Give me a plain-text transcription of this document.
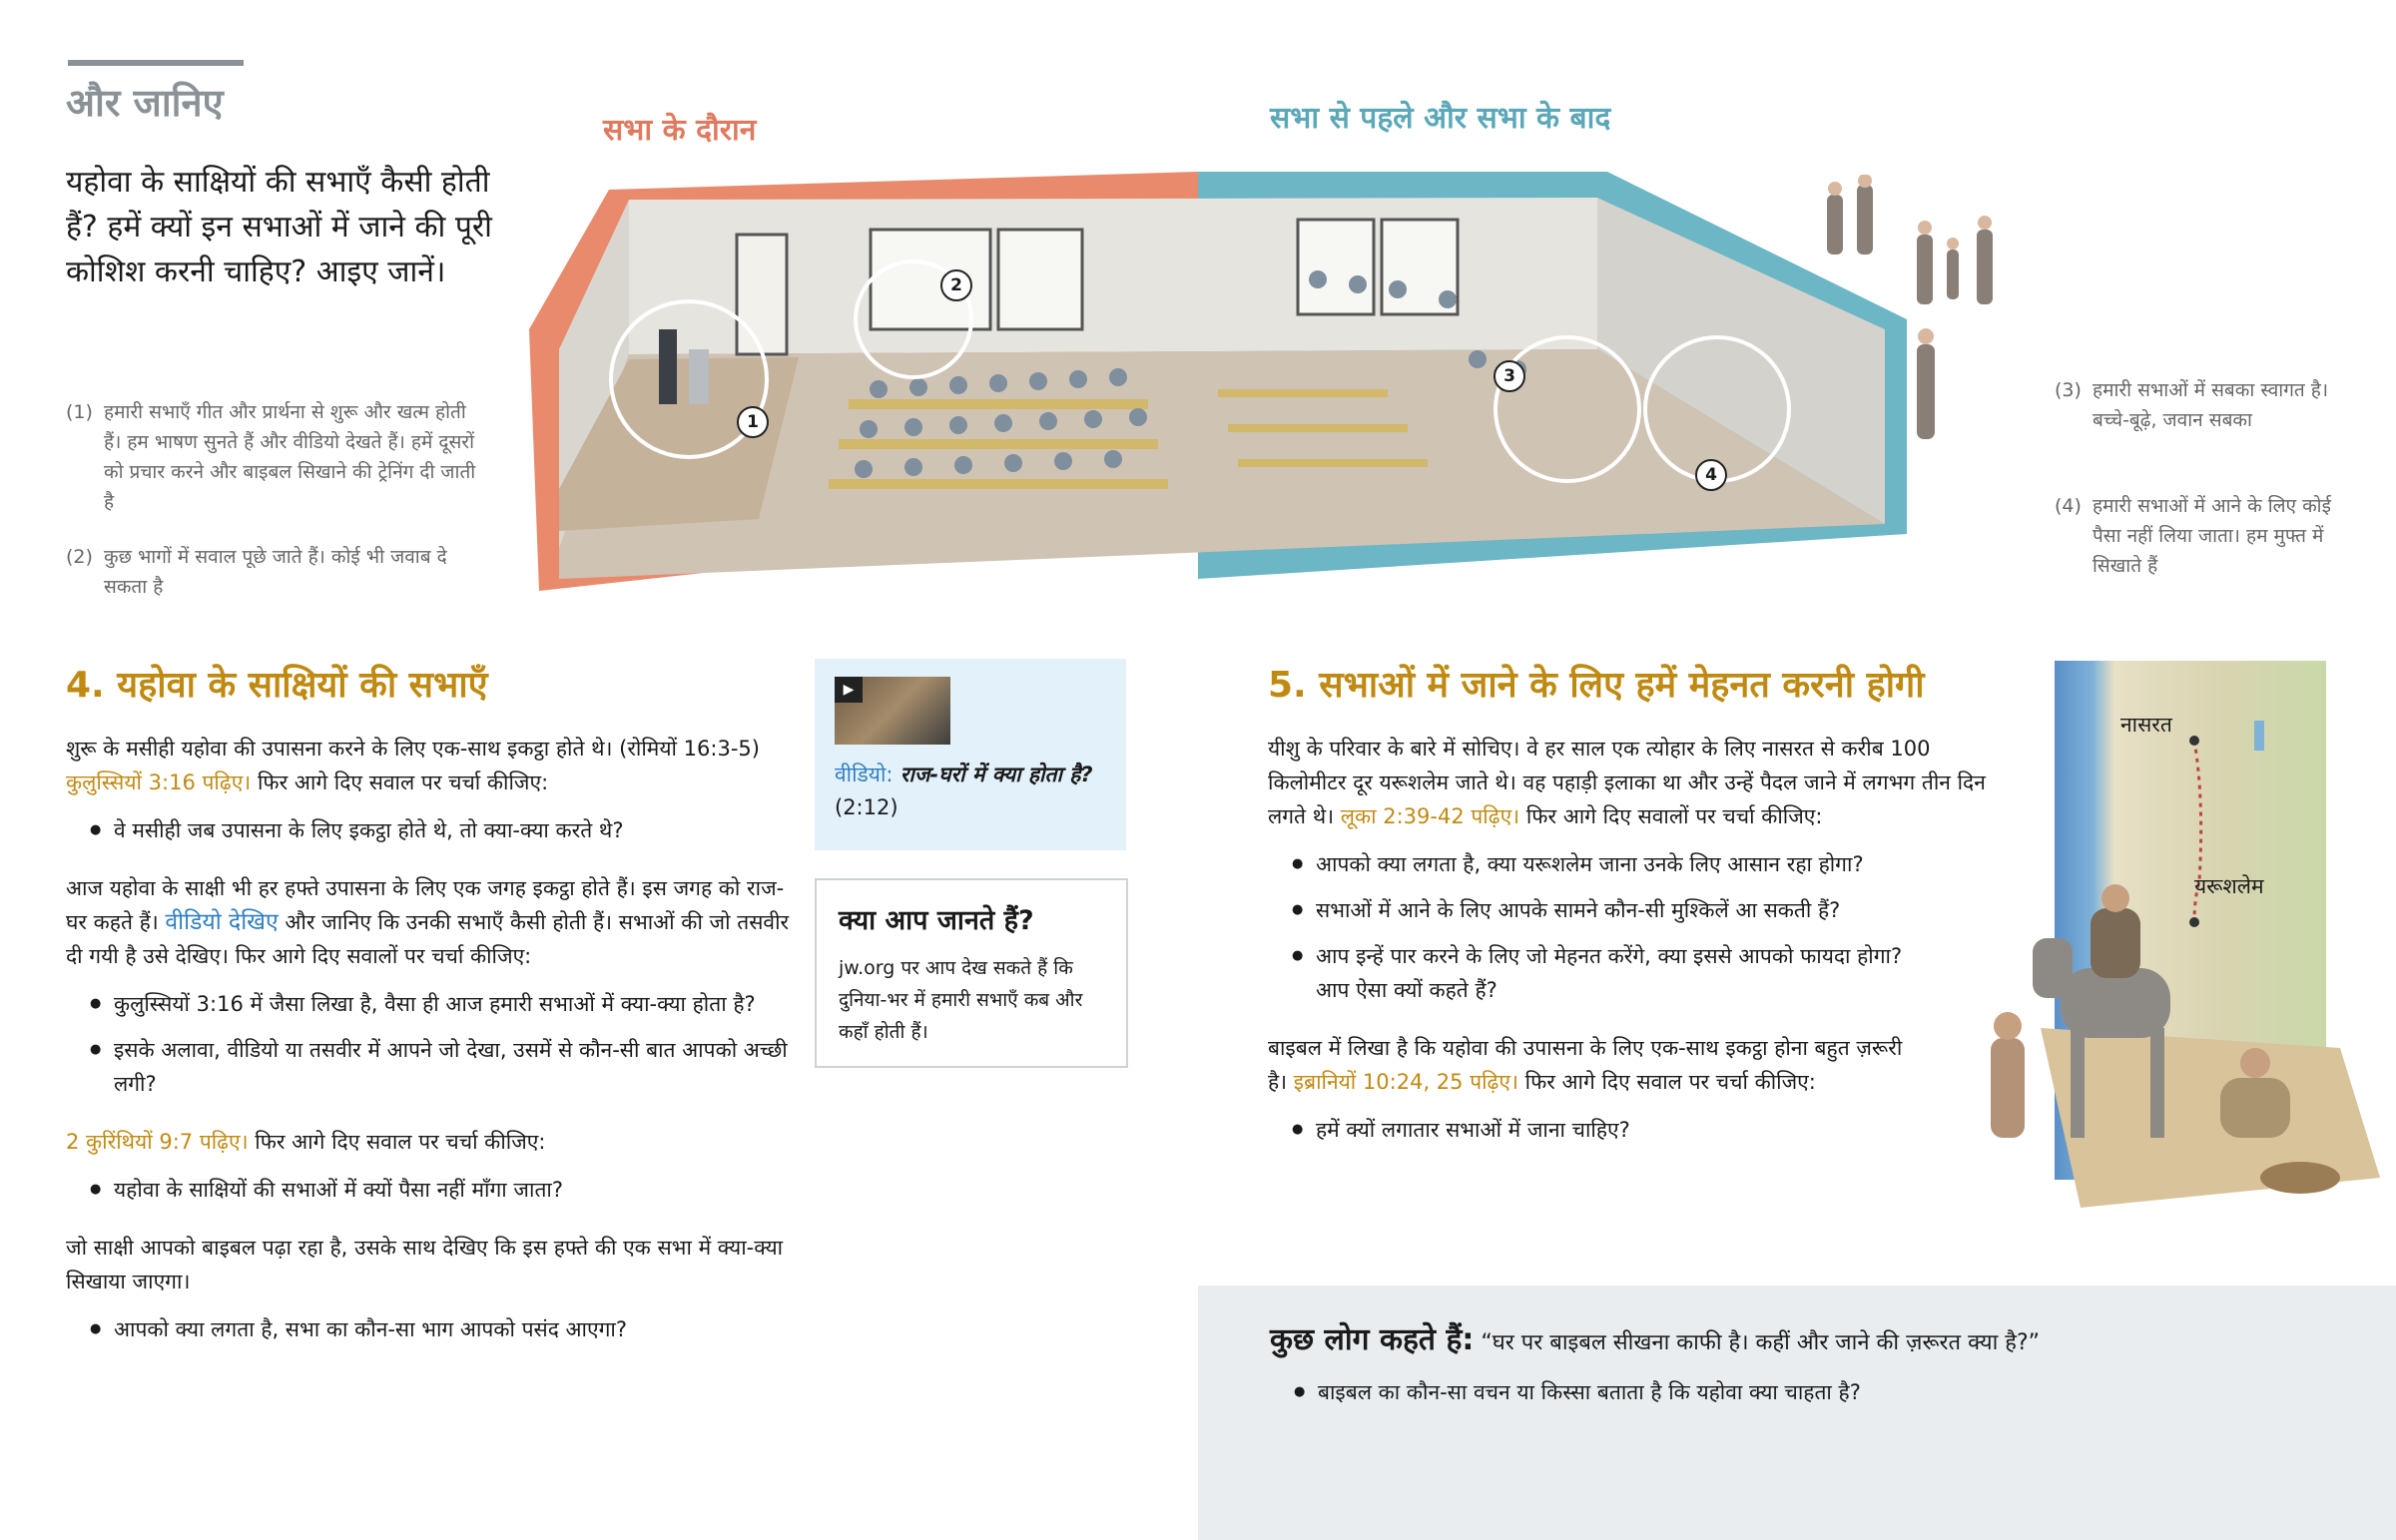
और जानिए
यहोवा के साक्षियों की सभाएँ कैसी होती हैं? हमें क्यों इन सभाओं में जाने की पूरी कोशिश करनी चाहिए? आइए जानें।
(1) हमारी सभाएँ गीत और प्रार्थना से शुरू और खत्म होती हैं। हम भाषण सुनते हैं और वीडियो देखते हैं। हमें दूसरों को प्रचार करने और बाइबल सिखाने की ट्रेनिंग दी जाती है
(2) कुछ भागों में सवाल पूछे जाते हैं। कोई भी जवाब दे सकता है
सभा के दौरान	सभा से पहले और सभा के बाद
1
2
3
4
(3) हमारी सभाओं में सबका स्वागत है। बच्चे-बूढ़े, जवान सबका
(4) हमारी सभाओं में आने के लिए कोई पैसा नहीं लिया जाता। हम मुफ्त में सिखाते हैं
4. यहोवा के साक्षियों की सभाएँ

शुरू के मसीही यहोवा की उपासना करने के लिए एक-साथ इकट्ठा होते थे। (रोमियों 16:3-5) कुलुस्सियों 3:16 पढ़िए। फिर आगे दिए सवाल पर चर्चा कीजिए:

● वे मसीही जब उपासना के लिए इकट्ठा होते थे, तो क्या-क्या करते थे?

आज यहोवा के साक्षी भी हर हफ्ते उपासना के लिए एक जगह इकट्ठा होते हैं। इस जगह को राज-घर कहते हैं। वीडियो देखिए और जानिए कि उनकी सभाएँ कैसी होती हैं। सभाओं की जो तसवीर दी गयी है उसे देखिए। फिर आगे दिए सवालों पर चर्चा कीजिए:

● कुलुस्सियों 3:16 में जैसा लिखा है, वैसा ही आज हमारी सभाओं में क्या-क्या होता है?
● इसके अलावा, वीडियो या तसवीर में आपने जो देखा, उसमें से कौन-सी बात आपको अच्छी लगी?

2 कुरिंथियों 9:7 पढ़िए। फिर आगे दिए सवाल पर चर्चा कीजिए:

● यहोवा के साक्षियों की सभाओं में क्यों पैसा नहीं माँगा जाता?

जो साक्षी आपको बाइबल पढ़ा रहा है, उसके साथ देखिए कि इस हफ्ते की एक सभा में क्या-क्या सिखाया जाएगा।

● आपको क्या लगता है, सभा का कौन-सा भाग आपको पसंद आएगा?
▶
वीडियो: राज-घरों में क्या होता है? (2:12)
क्या आप जानते हैं?
jw.org पर आप देख सकते हैं कि दुनिया-भर में हमारी सभाएँ कब और कहाँ होती हैं।
5. सभाओं में जाने के लिए हमें मेहनत करनी होगी

यीशु के परिवार के बारे में सोचिए। वे हर साल एक त्योहार के लिए नासरत से करीब 100 किलोमीटर दूर यरूशलेम जाते थे। वह पहाड़ी इलाका था और उन्हें पैदल जाने में लगभग तीन दिन लगते थे। लूका 2:39-42 पढ़िए। फिर आगे दिए सवालों पर चर्चा कीजिए:

● आपको क्या लगता है, क्या यरूशलेम जाना उनके लिए आसान रहा होगा?
● सभाओं में आने के लिए आपके सामने कौन-सी मुश्किलें आ सकती हैं?
● आप इन्हें पार करने के लिए जो मेहनत करेंगे, क्या इससे आपको फायदा होगा? आप ऐसा क्यों कहते हैं?

बाइबल में लिखा है कि यहोवा की उपासना के लिए एक-साथ इकट्ठा होना बहुत ज़रूरी है। इब्रानियों 10:24, 25 पढ़िए। फिर आगे दिए सवाल पर चर्चा कीजिए:

● हमें क्यों लगातार सभाओं में जाना चाहिए?
नासरत
यरूशलेम
कुछ लोग कहते हैं: “घर पर बाइबल सीखना काफी है। कहीं और जाने की ज़रूरत क्या है?”
● बाइबल का कौन-सा वचन या किस्सा बताता है कि यहोवा क्या चाहता है?
